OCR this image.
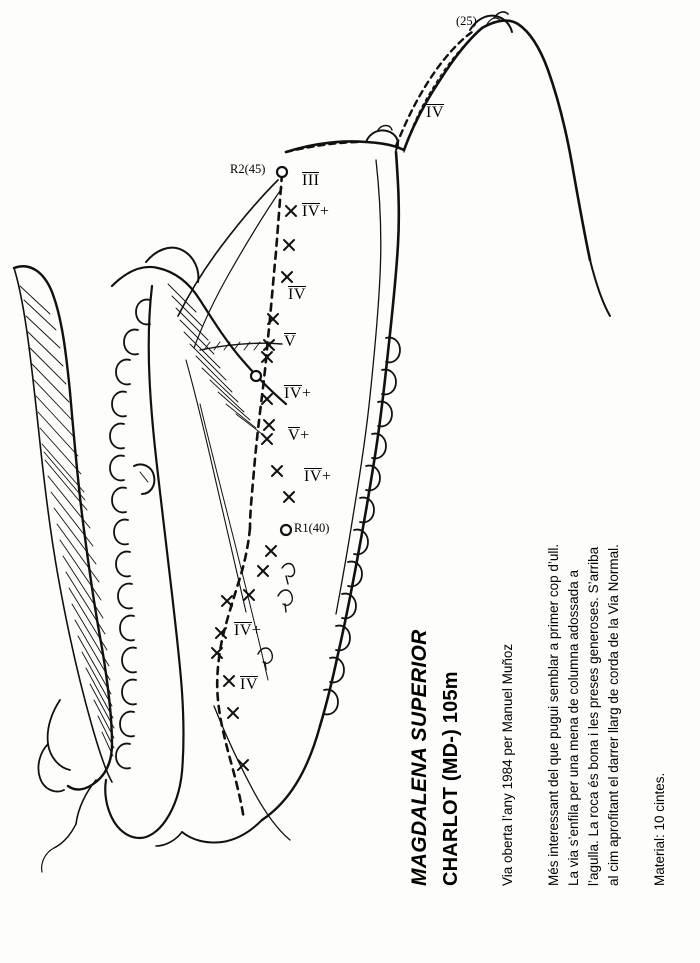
(25)
R2(45)
R1(40)
IV
III
IV+
IV
V
IV+
V+
IV+
IV+
IV	MAGDALENA SUPERIOR CHARLOT (MD-) 105m	Via oberta l’any 1984 per Manuel Muñoz Més interessant del que pugui semblar a primer cop d’ull. La via s’enfila per una mena de columna adossada a l’agulla. La roca és bona i les preses generoses. S’arriba al cim aprofitant el darrer llarg de corda de la Via Normal. Material: 10 cintes.
